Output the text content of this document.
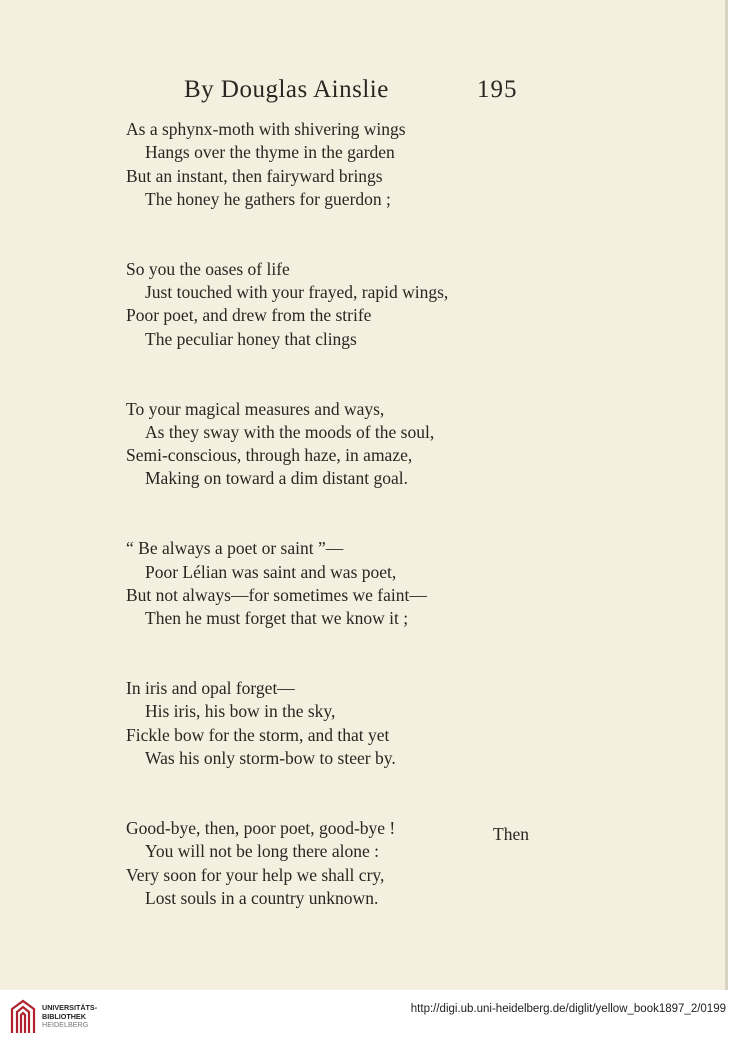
By Douglas Ainslie	195
As a sphynx-moth with shivering wings
Hangs over the thyme in the garden
But an instant, then fairyward brings
The honey he gathers for guerdon ;
So you the oases of life
Just touched with your frayed, rapid wings,
Poor poet, and drew from the strife
The peculiar honey that clings
To your magical measures and ways,
As they sway with the moods of the soul,
Semi-conscious, through haze, in amaze,
Making on toward a dim distant goal.
“ Be always a poet or saint ”—
Poor Lélian was saint and was poet,
But not always—for sometimes we faint—
Then he must forget that we know it ;
In iris and opal forget—
His iris, his bow in the sky,
Fickle bow for the storm, and that yet
Was his only storm-bow to steer by.
Good-bye, then, poor poet, good-bye !
You will not be long there alone :
Very soon for your help we shall cry,
Lost souls in a country unknown.
Then
UNIVERSITÄTS-
BIBLIOTHEK
HEIDELBERG
http://digi.ub.uni-heidelberg.de/diglit/yellow_book1897_2/0199
